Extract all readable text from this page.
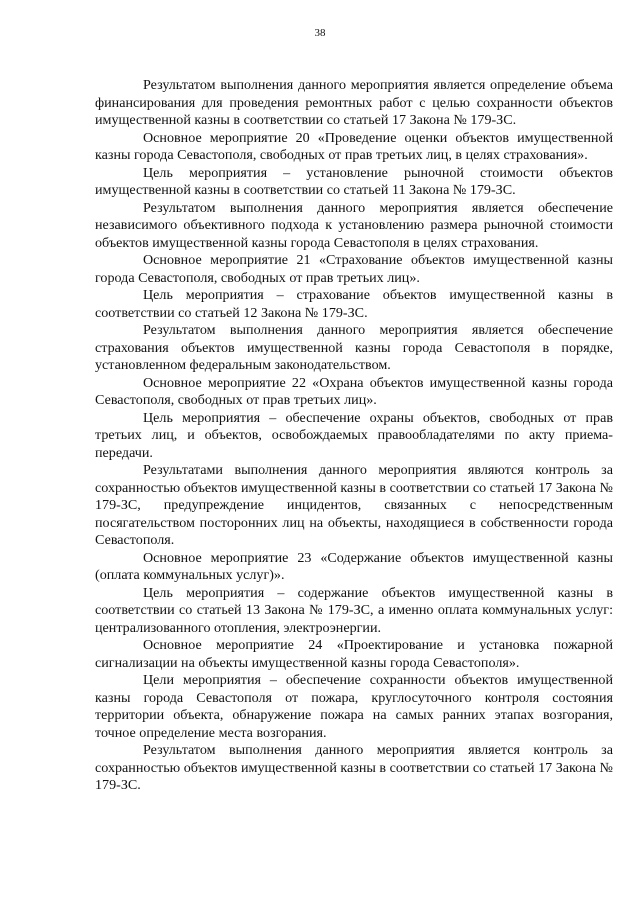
38

Результатом выполнения данного мероприятия является определение объема финансирования для проведения ремонтных работ с целью сохранности объектов имущественной казны в соответствии со статьей 17 Закона № 179-ЗС.

Основное мероприятие 20 «Проведение оценки объектов имущественной казны города Севастополя, свободных от прав третьих лиц, в целях страхования».

Цель мероприятия – установление рыночной стоимости объектов имущественной казны в соответствии со статьей 11 Закона № 179-ЗС.

Результатом выполнения данного мероприятия является обеспечение независимого объективного подхода к установлению размера рыночной стоимости объектов имущественной казны города Севастополя в целях страхования.

Основное мероприятие 21 «Страхование объектов имущественной казны города Севастополя, свободных от прав третьих лиц».

Цель мероприятия – страхование объектов имущественной казны в соответствии со статьей 12 Закона № 179-ЗС.

Результатом выполнения данного мероприятия является обеспечение страхования объектов имущественной казны города Севастополя в порядке, установленном федеральным законодательством.

Основное мероприятие 22 «Охрана объектов имущественной казны города Севастополя, свободных от прав третьих лиц».

Цель мероприятия – обеспечение охраны объектов, свободных от прав третьих лиц, и объектов, освобождаемых правообладателями по акту приема-передачи.

Результатами выполнения данного мероприятия являются контроль за сохранностью объектов имущественной казны в соответствии со статьей 17 Закона № 179-ЗС, предупреждение инцидентов, связанных с непосредственным посягательством посторонних лиц на объекты, находящиеся в собственности города Севастополя.

Основное мероприятие 23 «Содержание объектов имущественной казны (оплата коммунальных услуг)».

Цель мероприятия – содержание объектов имущественной казны в соответствии со статьей 13 Закона № 179-ЗС, а именно оплата коммунальных услуг: централизованного отопления, электроэнергии.

Основное мероприятие 24 «Проектирование и установка пожарной сигнализации на объекты имущественной казны города Севастополя».

Цели мероприятия – обеспечение сохранности объектов имущественной казны города Севастополя от пожара, круглосуточного контроля состояния территории объекта, обнаружение пожара на самых ранних этапах возгорания, точное определение места возгорания.

Результатом выполнения данного мероприятия является контроль за сохранностью объектов имущественной казны в соответствии со статьей 17 Закона № 179-ЗС.
